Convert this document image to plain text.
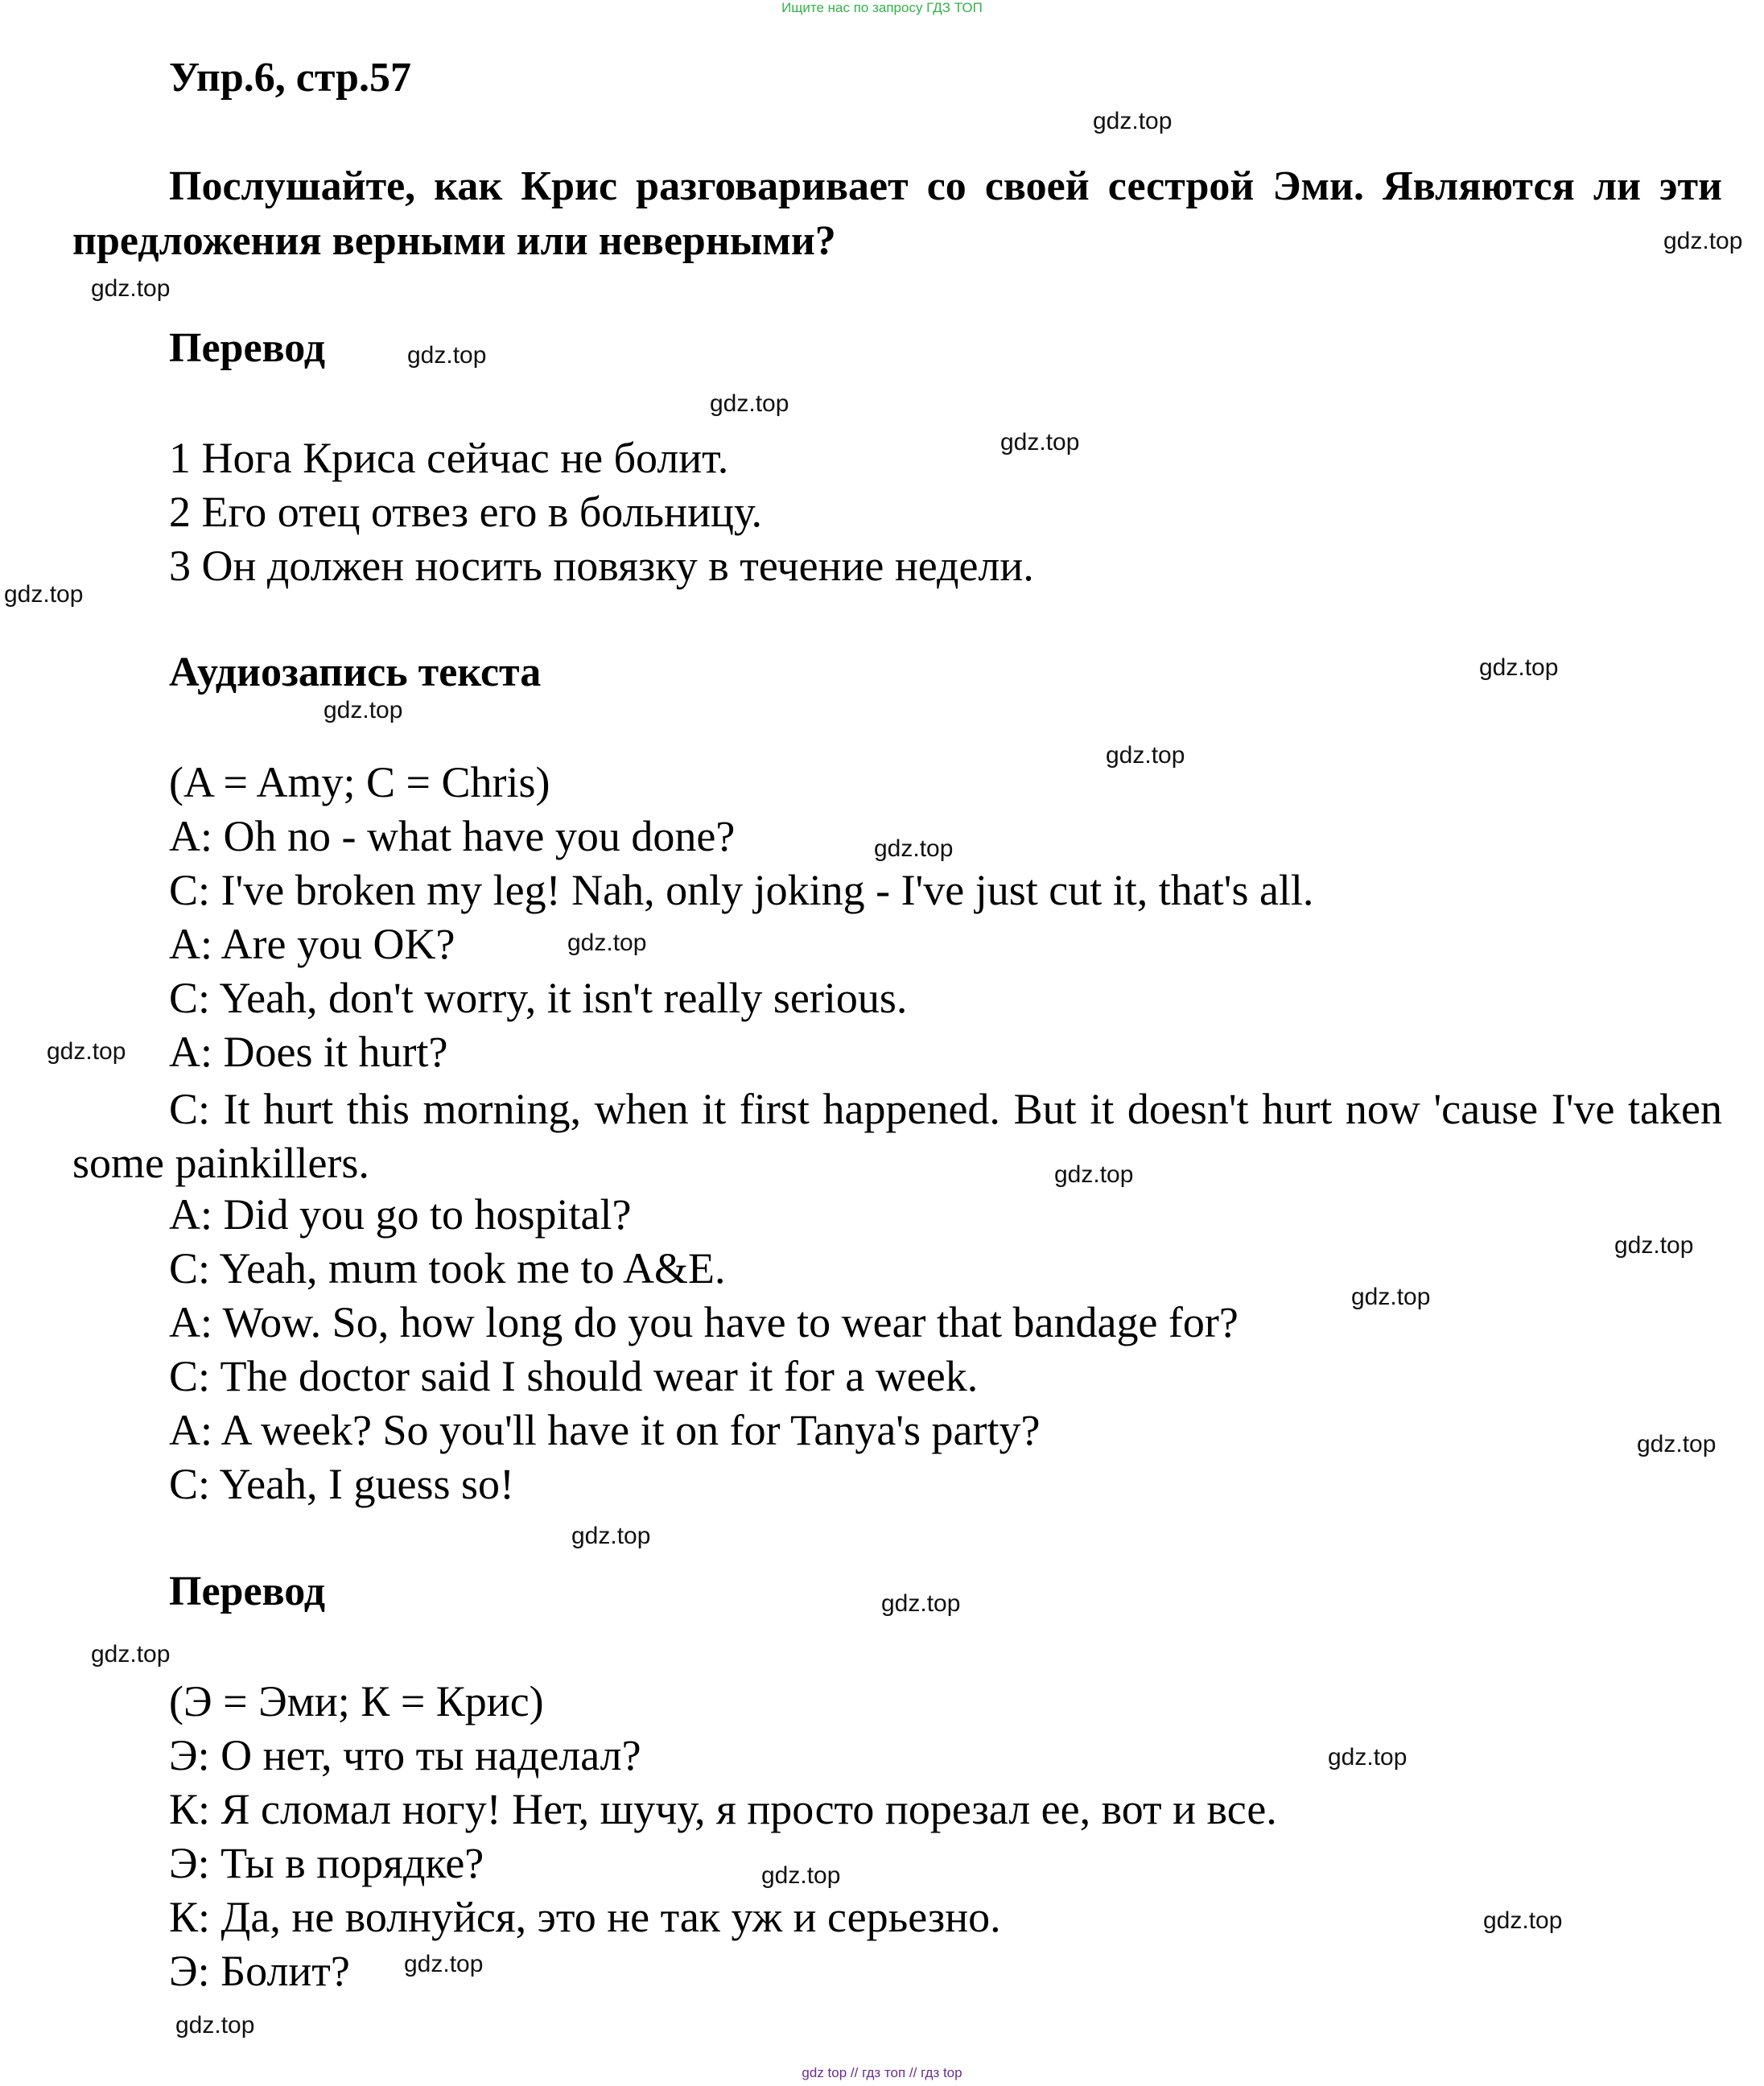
Ищите нас по запросу ГДЗ ТОП
Упр.6, стр.57

Послушайте, как Крис разговаривает со своей сестрой Эми. Являются ли эти предложения верными или неверными?

Перевод
1 Нога Криса сейчас не болит.
2 Его отец отвез его в больницу.
3 Он должен носить повязку в течение недели.
Аудиозапись текста
(A = Amy; C = Chris)
A: Oh no - what have you done?
C: I've broken my leg! Nah, only joking - I've just cut it, that's all.
A: Are you OK?
C: Yeah, don't worry, it isn't really serious.
A: Does it hurt?

C: It hurt this morning, when it first happened. But it doesn't hurt now 'cause I've taken some painkillers.

A: Did you go to hospital?
C: Yeah, mum took me to A&E.
A: Wow. So, how long do you have to wear that bandage for?
C: The doctor said I should wear it for a week.
A: A week? So you'll have it on for Tanya's party?
C: Yeah, I guess so!
Перевод
(Э = Эми; К = Крис)
Э: О нет, что ты наделал?
К: Я сломал ногу! Нет, шучу, я просто порезал ее, вот и все.
Э: Ты в порядке?
К: Да, не волнуйся, это не так уж и серьезно.
Э: Болит?
gdz.top
gdz.top
gdz.top
gdz.top
gdz.top
gdz.top
gdz.top
gdz.top
gdz.top
gdz.top
gdz.top
gdz.top
gdz.top
gdz.top
gdz.top
gdz.top
gdz.top
gdz.top
gdz.top
gdz.top
gdz.top
gdz.top
gdz.top
gdz.top
gdz.top
gdz top // гдз топ // гдз top
